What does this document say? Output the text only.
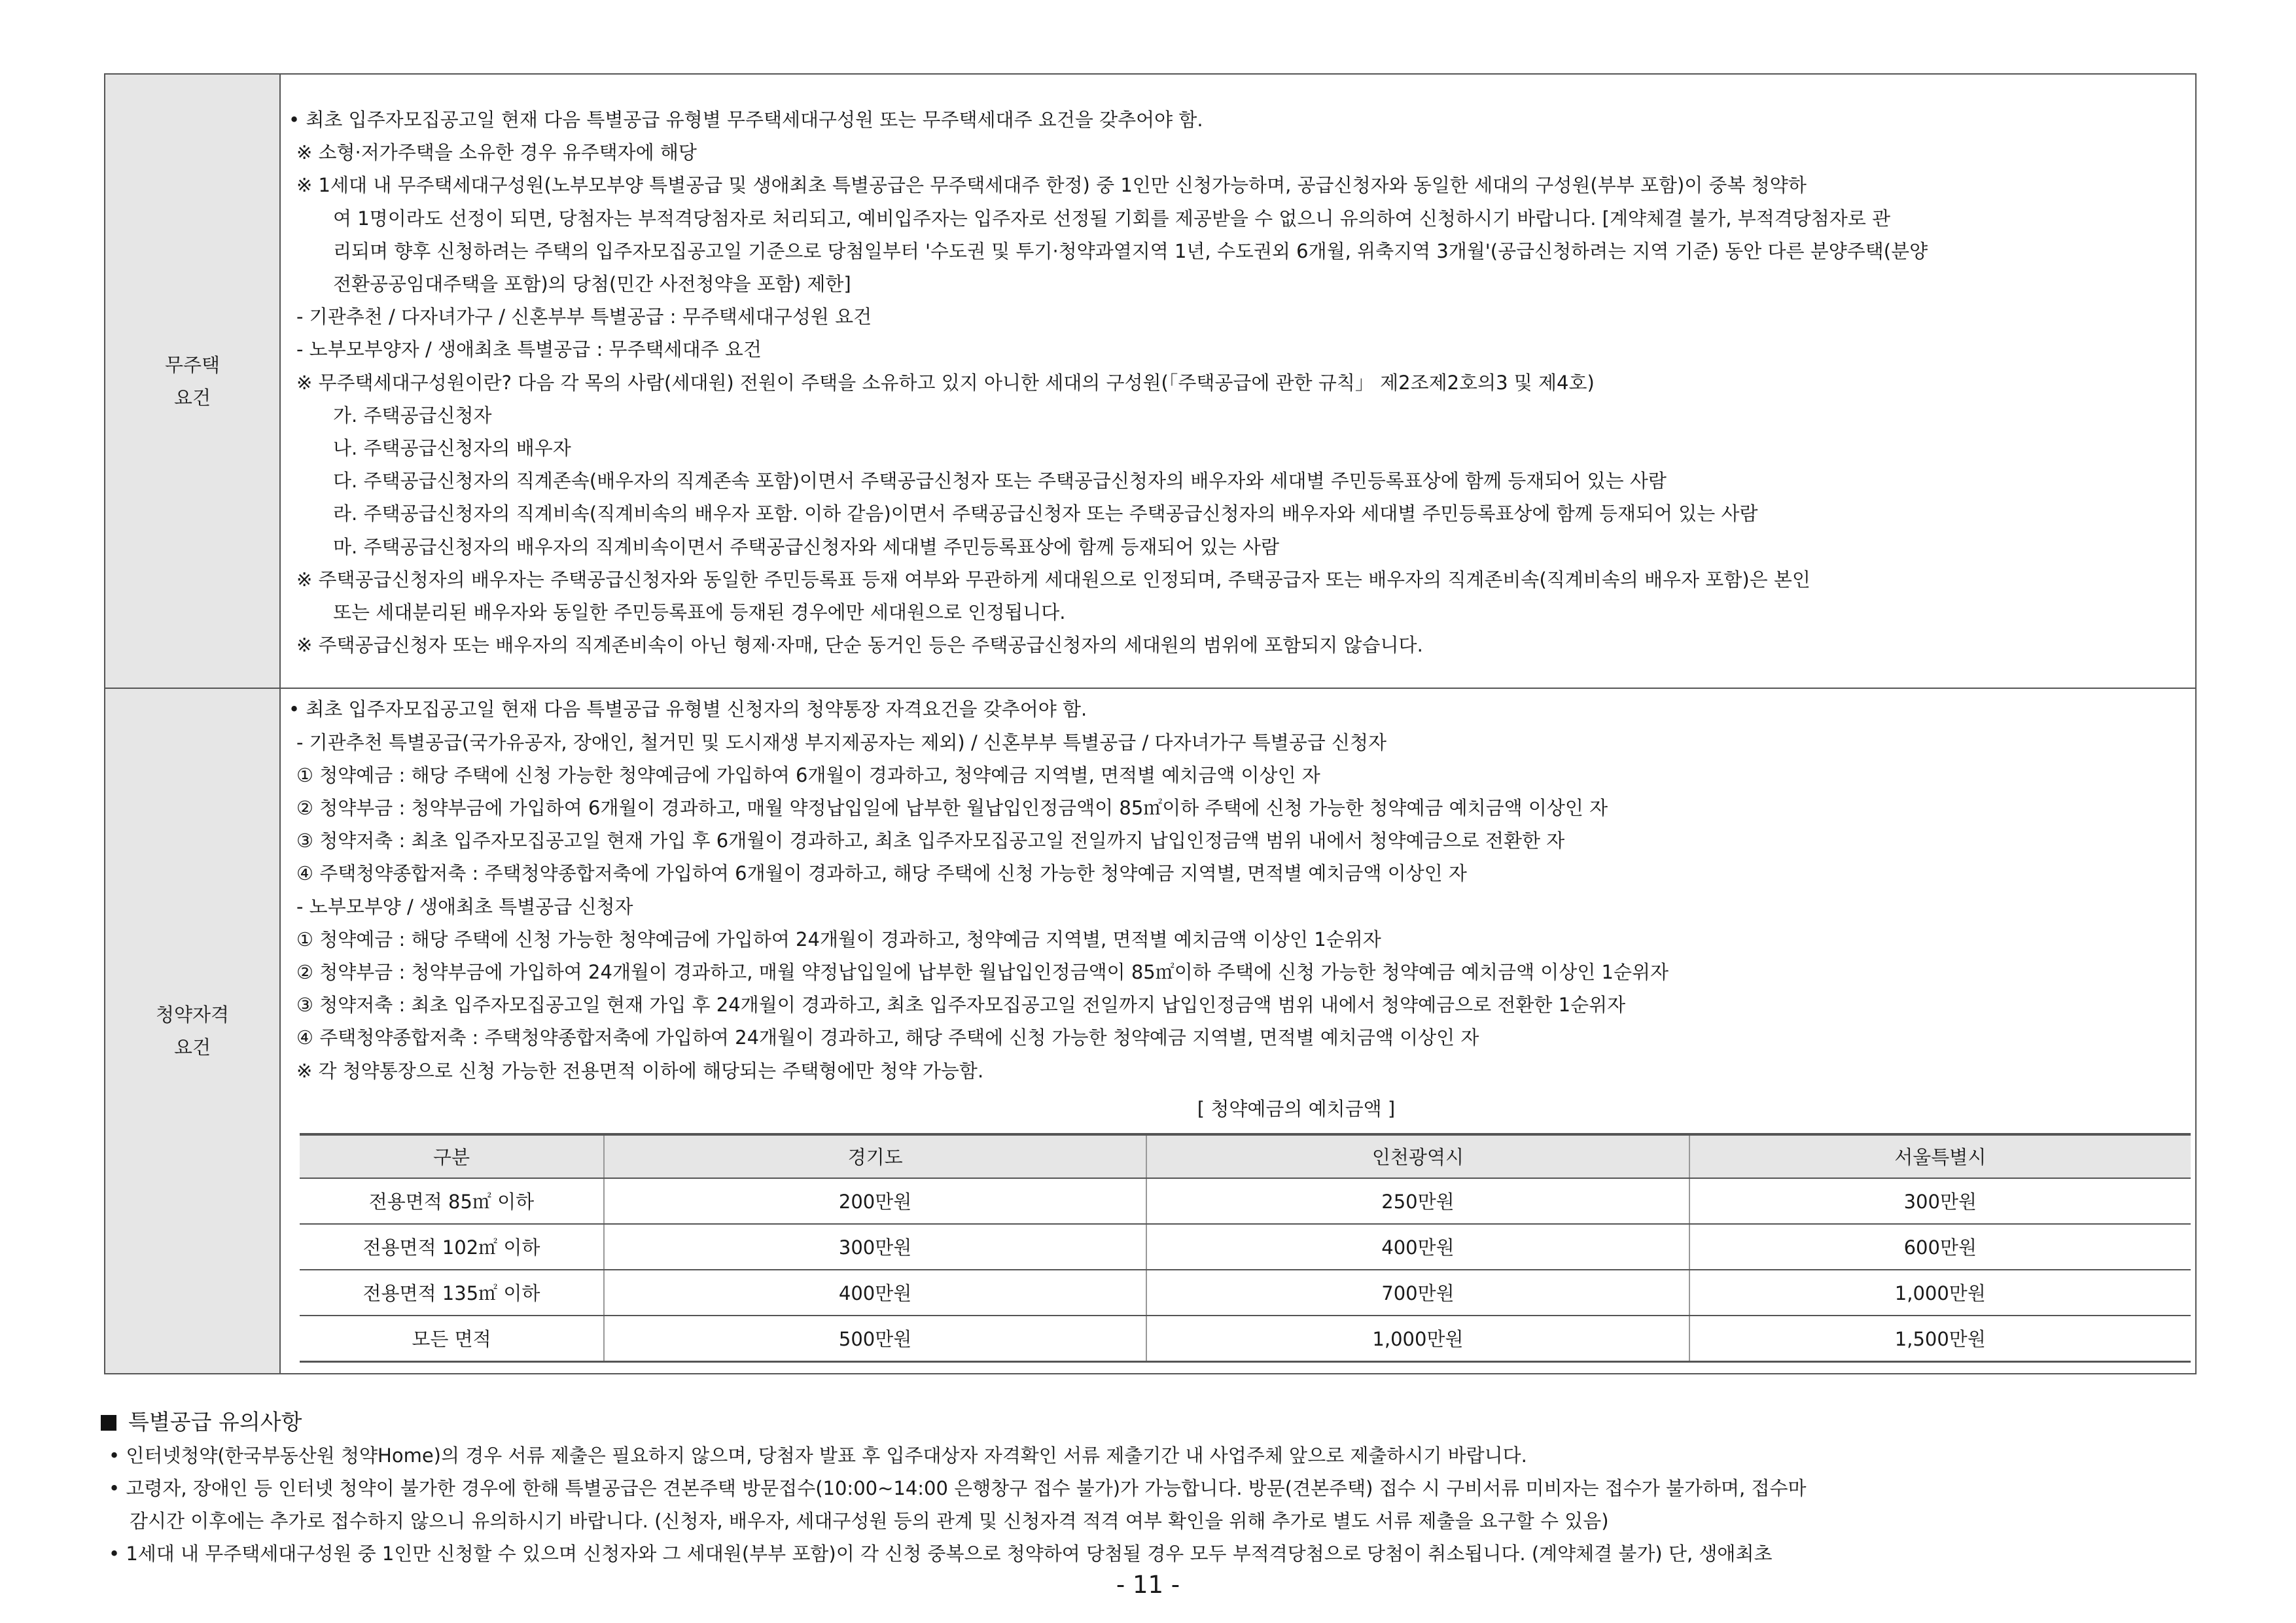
무주택
요건

• 최초 입주자모집공고일 현재 다음 특별공급 유형별 무주택세대구성원 또는 무주택세대주 요건을 갖추어야 함.
※ 소형·저가주택을 소유한 경우 유주택자에 해당
※ 1세대 내 무주택세대구성원(노부모부양 특별공급 및 생애최초 특별공급은 무주택세대주 한정) 중 1인만 신청가능하며, 공급신청자와 동일한 세대의 구성원(부부 포함)이 중복 청약하
여 1명이라도 선정이 되면, 당첨자는 부적격당첨자로 처리되고, 예비입주자는 입주자로 선정될 기회를 제공받을 수 없으니 유의하여 신청하시기 바랍니다. [계약체결 불가, 부적격당첨자로 관
리되며 향후 신청하려는 주택의 입주자모집공고일 기준으로 당첨일부터 '수도권 및 투기·청약과열지역 1년, 수도권외 6개월, 위축지역 3개월'(공급신청하려는 지역 기준) 동안 다른 분양주택(분양
전환공공임대주택을 포함)의 당첨(민간 사전청약을 포함) 제한]
- 기관추천 / 다자녀가구 / 신혼부부 특별공급 : 무주택세대구성원 요건
- 노부모부양자 / 생애최초 특별공급 : 무주택세대주 요건
※ 무주택세대구성원이란? 다음 각 목의 사람(세대원) 전원이 주택을 소유하고 있지 아니한 세대의 구성원(「주택공급에 관한 규칙」 제2조제2호의3 및 제4호)
가. 주택공급신청자
나. 주택공급신청자의 배우자
다. 주택공급신청자의 직계존속(배우자의 직계존속 포함)이면서 주택공급신청자 또는 주택공급신청자의 배우자와 세대별 주민등록표상에 함께 등재되어 있는 사람
라. 주택공급신청자의 직계비속(직계비속의 배우자 포함. 이하 같음)이면서 주택공급신청자 또는 주택공급신청자의 배우자와 세대별 주민등록표상에 함께 등재되어 있는 사람
마. 주택공급신청자의 배우자의 직계비속이면서 주택공급신청자와 세대별 주민등록표상에 함께 등재되어 있는 사람
※ 주택공급신청자의 배우자는 주택공급신청자와 동일한 주민등록표 등재 여부와 무관하게 세대원으로 인정되며, 주택공급자 또는 배우자의 직계존비속(직계비속의 배우자 포함)은 본인
또는 세대분리된 배우자와 동일한 주민등록표에 등재된 경우에만 세대원으로 인정됩니다.
※ 주택공급신청자 또는 배우자의 직계존비속이 아닌 형제·자매, 단순 동거인 등은 주택공급신청자의 세대원의 범위에 포함되지 않습니다.

청약자격
요건

• 최초 입주자모집공고일 현재 다음 특별공급 유형별 신청자의 청약통장 자격요건을 갖추어야 함.
- 기관추천 특별공급(국가유공자, 장애인, 철거민 및 도시재생 부지제공자는 제외) / 신혼부부 특별공급 / 다자녀가구 특별공급 신청자
① 청약예금 : 해당 주택에 신청 가능한 청약예금에 가입하여 6개월이 경과하고, 청약예금 지역별, 면적별 예치금액 이상인 자
② 청약부금 : 청약부금에 가입하여 6개월이 경과하고, 매월 약정납입일에 납부한 월납입인정금액이 85㎡이하 주택에 신청 가능한 청약예금 예치금액 이상인 자
③ 청약저축 : 최초 입주자모집공고일 현재 가입 후 6개월이 경과하고, 최초 입주자모집공고일 전일까지 납입인정금액 범위 내에서 청약예금으로 전환한 자
④ 주택청약종합저축 : 주택청약종합저축에 가입하여 6개월이 경과하고, 해당 주택에 신청 가능한 청약예금 지역별, 면적별 예치금액 이상인 자
- 노부모부양 / 생애최초 특별공급 신청자
① 청약예금 : 해당 주택에 신청 가능한 청약예금에 가입하여 24개월이 경과하고, 청약예금 지역별, 면적별 예치금액 이상인 1순위자
② 청약부금 : 청약부금에 가입하여 24개월이 경과하고, 매월 약정납입일에 납부한 월납입인정금액이 85㎡이하 주택에 신청 가능한 청약예금 예치금액 이상인 1순위자
③ 청약저축 : 최초 입주자모집공고일 현재 가입 후 24개월이 경과하고, 최초 입주자모집공고일 전일까지 납입인정금액 범위 내에서 청약예금으로 전환한 1순위자
④ 주택청약종합저축 : 주택청약종합저축에 가입하여 24개월이 경과하고, 해당 주택에 신청 가능한 청약예금 지역별, 면적별 예치금액 이상인 자
※ 각 청약통장으로 신청 가능한 전용면적 이하에 해당되는 주택형에만 청약 가능함.
[ 청약예금의 예치금액 ]
구분	경기도	인천광역시	서울특별시
전용면적 85㎡ 이하	200만원	250만원	300만원
전용면적 102㎡ 이하	300만원	400만원	600만원
전용면적 135㎡ 이하	400만원	700만원	1,000만원
모든 면적	500만원	1,000만원	1,500만원
특별공급 유의사항
• 인터넷청약(한국부동산원 청약Home)의 경우 서류 제출은 필요하지 않으며, 당첨자 발표 후 입주대상자 자격확인 서류 제출기간 내 사업주체 앞으로 제출하시기 바랍니다.
• 고령자, 장애인 등 인터넷 청약이 불가한 경우에 한해 특별공급은 견본주택 방문접수(10:00~14:00 은행창구 접수 불가)가 가능합니다. 방문(견본주택) 접수 시 구비서류 미비자는 접수가 불가하며, 접수마
감시간 이후에는 추가로 접수하지 않으니 유의하시기 바랍니다. (신청자, 배우자, 세대구성원 등의 관계 및 신청자격 적격 여부 확인을 위해 추가로 별도 서류 제출을 요구할 수 있음)
• 1세대 내 무주택세대구성원 중 1인만 신청할 수 있으며 신청자와 그 세대원(부부 포함)이 각 신청 중복으로 청약하여 당첨될 경우 모두 부적격당첨으로 당첨이 취소됩니다. (계약체결 불가) 단, 생애최초
- 11 -
